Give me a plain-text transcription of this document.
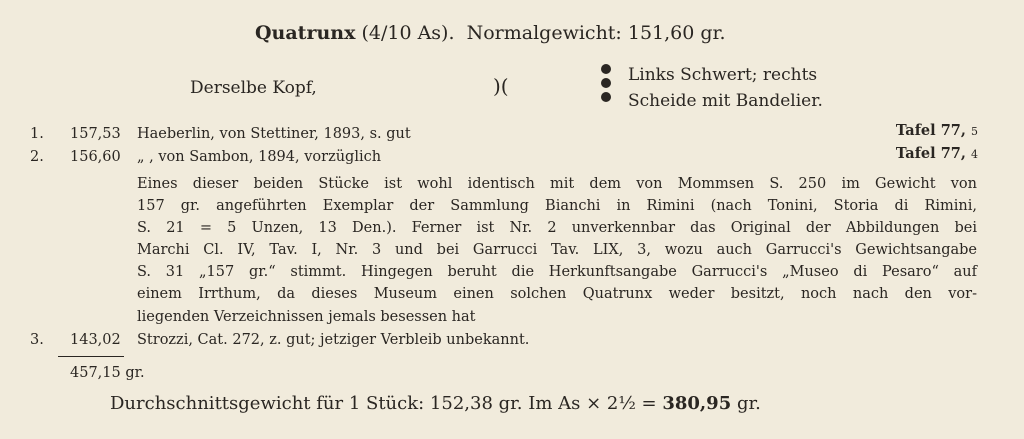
Quatrunx (4/10 As). Normalgewicht: 151,60 gr.
Derselbe Kopf,	)(	Links Schwert; rechts
Scheide mit Bandelier.
1. 157,53 Haeberlin, von Stettiner, 1893, s. gut	Tafel 77, 5
2. 156,60 „ , von Sambon, 1894, vorzüglich	Tafel 77, 4
Eines dieser beiden Stücke ist wohl identisch mit dem von Mommsen S. 250 im Gewicht von
157 gr. angeführten Exemplar der Sammlung Bianchi in Rimini (nach Tonini, Storia di Rimini,
S. 21 = 5 Unzen, 13 Den.). Ferner ist Nr. 2 unverkennbar das Original der Abbildungen bei
Marchi Cl. IV, Tav. I, Nr. 3 und bei Garrucci Tav. LIX, 3, wozu auch Garrucci's Gewichtsangabe
S. 31 „157 gr.“ stimmt. Hingegen beruht die Herkunftsangabe Garrucci's „Museo di Pesaro“ auf
einem Irrthum, da dieses Museum einen solchen Quatrunx weder besitzt, noch nach den vor-
liegenden Verzeichnissen jemals besessen hat
3. 143,02 Strozzi, Cat. 272, z. gut; jetziger Verbleib unbekannt.
457,15 gr.
Durchschnittsgewicht für 1 Stück: 152,38 gr. Im As × 2½ = 380,95 gr.
